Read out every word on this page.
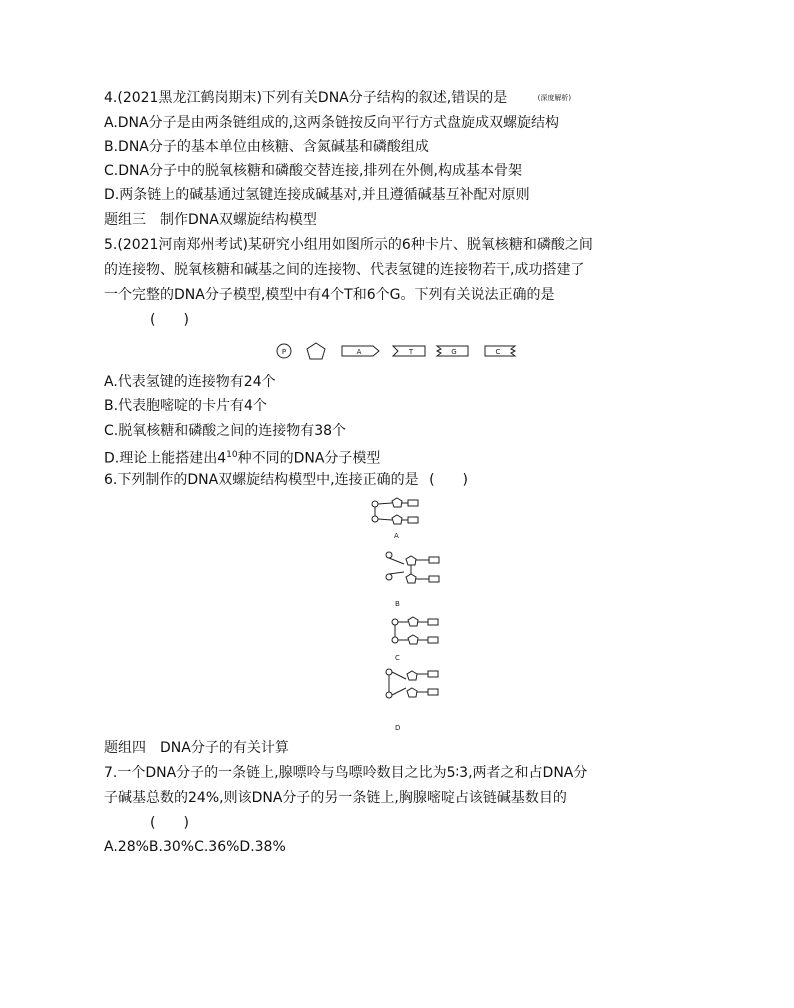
4.(2021黑龙江鹤岗期末)下列有关DNA分子结构的叙述,错误的是	(深度解析)
A.DNA分子是由两条链组成的,这两条链按反向平行方式盘旋成双螺旋结构
B.DNA分子的基本单位由核糖、含氮碱基和磷酸组成
C.DNA分子中的脱氧核糖和磷酸交替连接,排列在外侧,构成基本骨架
D.两条链上的碱基通过氢键连接成碱基对,并且遵循碱基互补配对原则
题组三　制作DNA双螺旋结构模型
5.(2021河南郑州考试)某研究小组用如图所示的6种卡片、脱氧核糖和磷酸之间
的连接物、脱氧核糖和碱基之间的连接物、代表氢键的连接物若干,成功搭建了
一个完整的DNA分子模型,模型中有4个T和6个G。下列有关说法正确的是
(　　)
P	A	T	G	C
A.代表氢键的连接物有24个
B.代表胞嘧啶的卡片有4个
C.脱氧核糖和磷酸之间的连接物有38个
D.理论上能搭建出$4^{10}$种不同的DNA分子模型
6.下列制作的DNA双螺旋结构模型中,连接正确的是 (　　)
A
B
C
D
题组四　DNA分子的有关计算
7.一个DNA分子的一条链上,腺嘌呤与鸟嘌呤数目之比为5∶3,两者之和占DNA分
子碱基总数的24%,则该DNA分子的另一条链上,胸腺嘧啶占该链碱基数目的
(　　)
A.28%B.30%C.36%D.38%
